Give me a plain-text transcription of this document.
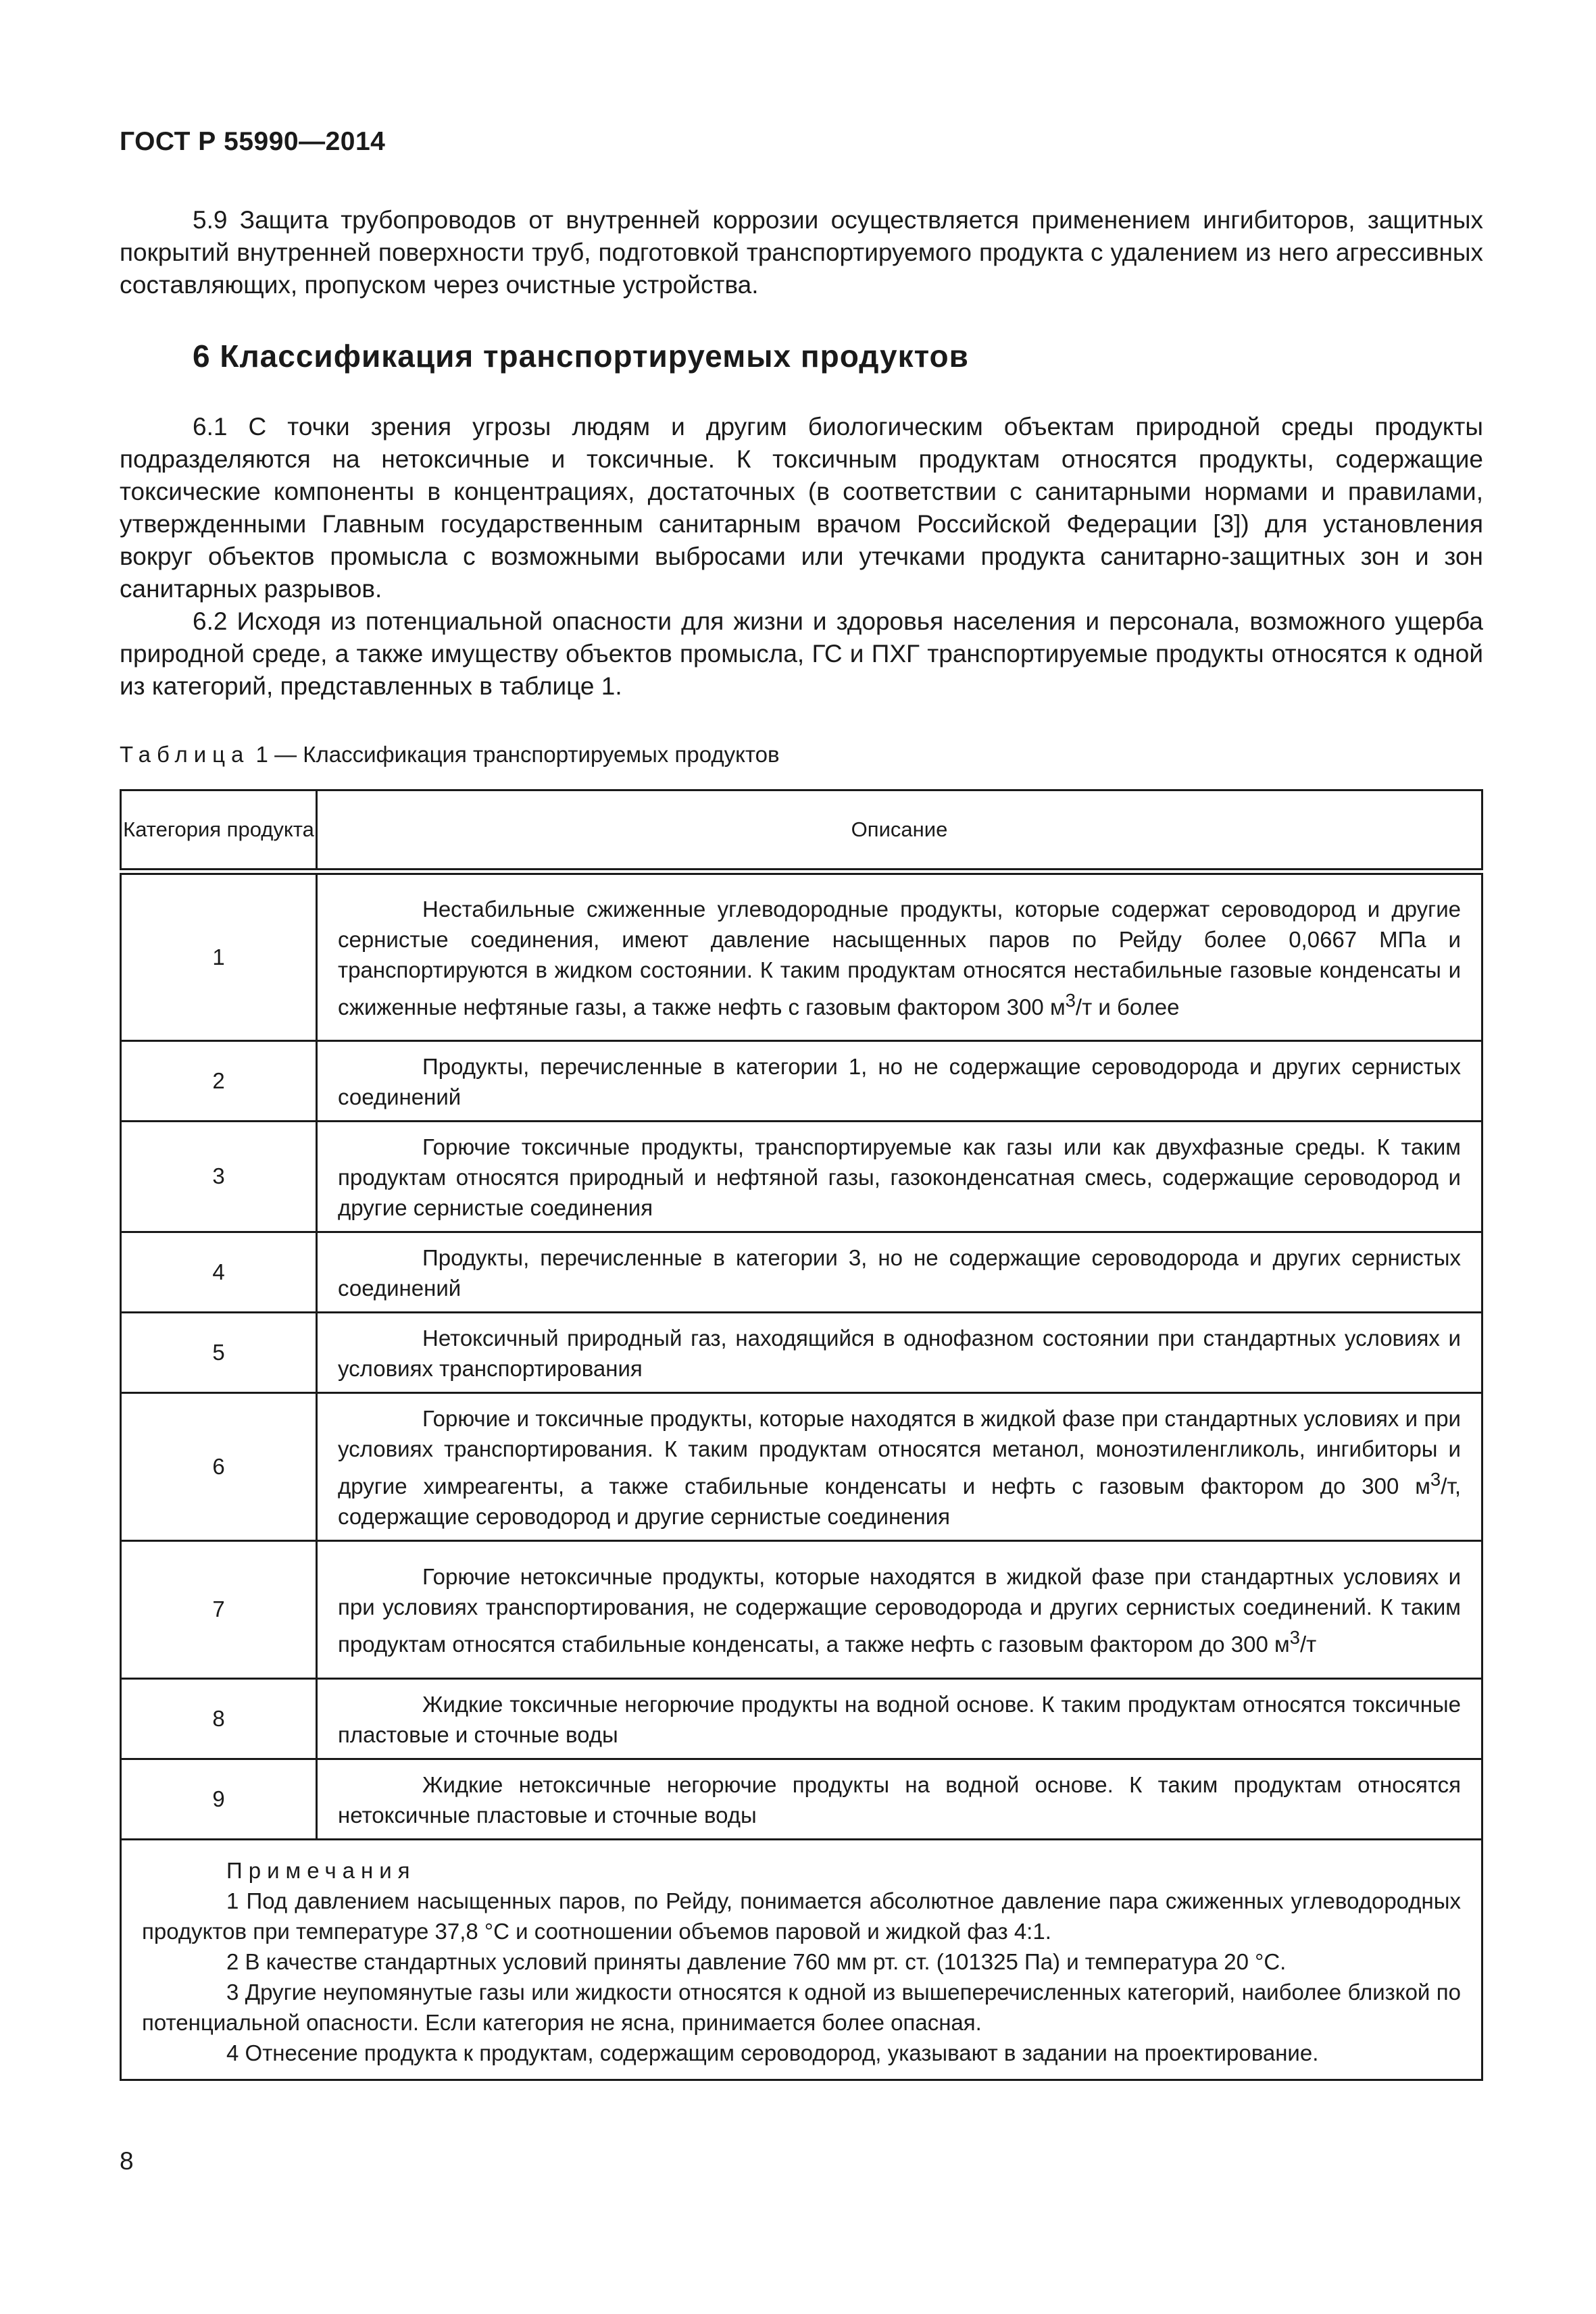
ГОСТ Р 55990—2014

5.9 Защита трубопроводов от внутренней коррозии осуществляется применением ингибиторов, защитных покрытий внутренней поверхности труб, подготовкой транспортируемого продукта с удалением из него агрессивных составляющих, пропуском через очистные устройства.

6 Классификация транспортируемых продуктов

6.1 С точки зрения угрозы людям и другим биологическим объектам природной среды продукты подразделяются на нетоксичные и токсичные. К токсичным продуктам относятся продукты, содержащие токсические компоненты в концентрациях, достаточных (в соответствии с санитарными нормами и правилами, утвержденными Главным государственным санитарным врачом Российской Федерации [3]) для установления вокруг объектов промысла с возможными выбросами или утечками продукта санитарно-защитных зон и зон санитарных разрывов.

6.2 Исходя из потенциальной опасности для жизни и здоровья населения и персонала, возможного ущерба природной среде, а также имуществу объектов промысла, ГС и ПХГ транспортируемые продукты относятся к одной из категорий, представленных в таблице 1.

Таблица 1 — Классификация транспортируемых продуктов
Категория продукта	Описание
1	Нестабильные сжиженные углеводородные продукты, которые содержат сероводород и другие сернистые соединения, имеют давление насыщенных паров по Рейду более 0,0667 МПа и транспортируются в жидком состоянии. К таким продуктам относятся нестабильные газовые конденсаты и сжиженные нефтяные газы, а также нефть с газовым фактором 300 $м^3/т$ и более

2	Продукты, перечисленные в категории 1, но не содержащие сероводорода и других сернистых соединений

3	Горючие токсичные продукты, транспортируемые как газы или как двухфазные среды. К таким продуктам относятся природный и нефтяной газы, газоконденсатная смесь, содержащие сероводород и другие сернистые соединения

4	Продукты, перечисленные в категории 3, но не содержащие сероводорода и других сернистых соединений

5	Нетоксичный природный газ, находящийся в однофазном состоянии при стандартных условиях и условиях транспортирования

6	Горючие и токсичные продукты, которые находятся в жидкой фазе при стандартных условиях и при условиях транспортирования. К таким продуктам относятся метанол, моноэтиленгликоль, ингибиторы и другие химреагенты, а также стабильные конденсаты и нефть с газовым фактором до 300 $м^3/т$, содержащие сероводород и другие сернистые соединения

7	Горючие нетоксичные продукты, которые находятся в жидкой фазе при стандартных условиях и при условиях транспортирования, не содержащие сероводорода и других сернистых соединений. К таким продуктам относятся стабильные конденсаты, а также нефть с газовым фактором до 300 $м^3/т$

8	Жидкие токсичные негорючие продукты на водной основе. К таким продуктам относятся токсичные пластовые и сточные воды

9	Жидкие нетоксичные негорючие продукты на водной основе. К таким продуктам относятся нетоксичные пластовые и сточные воды

Примечания
1 Под давлением насыщенных паров, по Рейду, понимается абсолютное давление пара сжиженных углеводородных продуктов при температуре 37,8 °С и соотношении объемов паровой и жидкой фаз 4:1.
2 В качестве стандартных условий приняты давление 760 мм рт. ст. (101325 Па) и температура 20 °С.
3 Другие неупомянутые газы или жидкости относятся к одной из вышеперечисленных категорий, наиболее близкой по потенциальной опасности. Если категория не ясна, принимается более опасная.
4 Отнесение продукта к продуктам, содержащим сероводород, указывают в задании на проектирование.	
8
